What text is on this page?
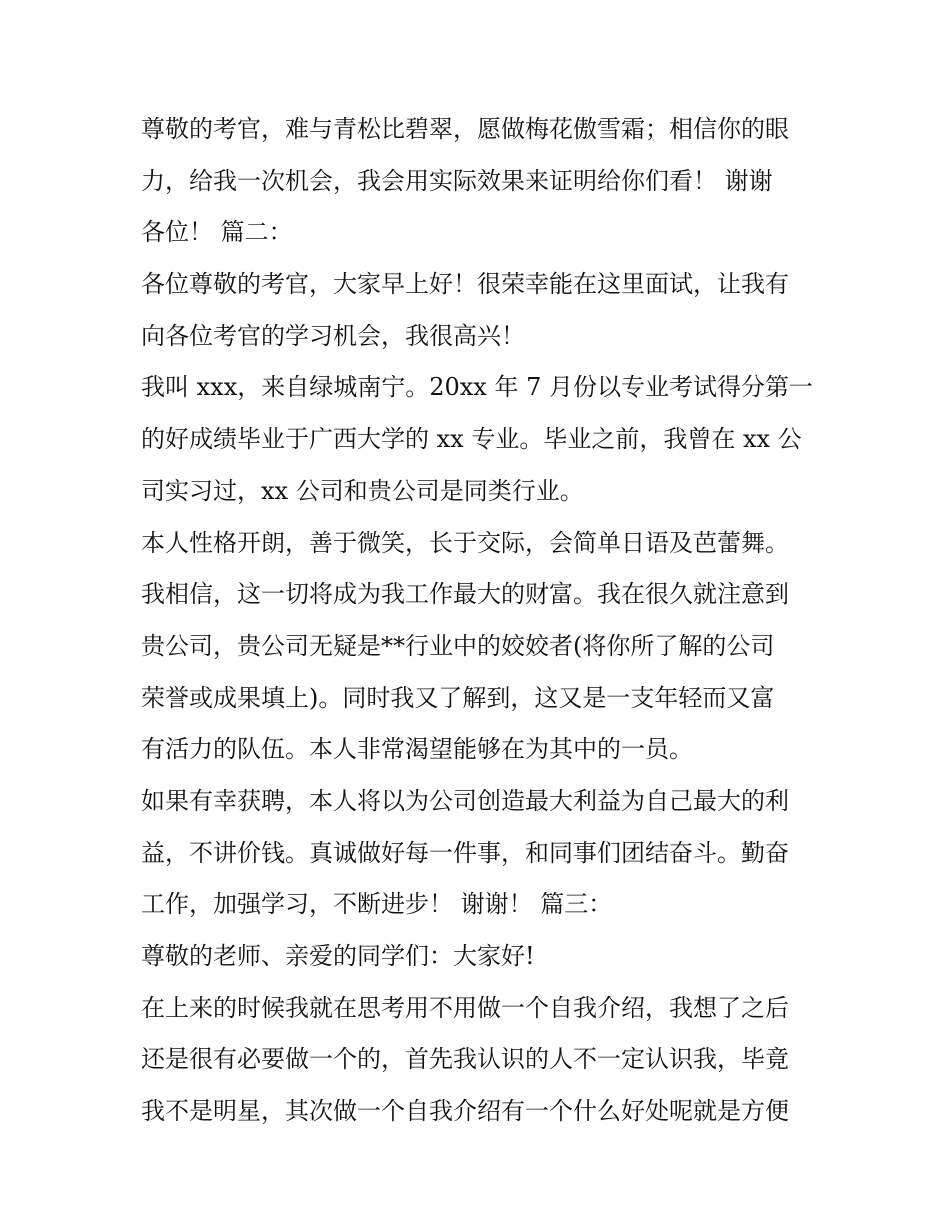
尊敬的考官，难与青松比碧翠，愿做梅花傲雪霜；相信你的眼
力，给我一次机会，我会用实际效果来证明给你们看！ 谢谢
各位！ 篇二：
各位尊敬的考官，大家早上好！很荣幸能在这里面试，让我有
向各位考官的学习机会，我很高兴！
我叫 xxx，来自绿城南宁。20xx 年 7 月份以专业考试得分第一
的好成绩毕业于广西大学的 xx 专业。毕业之前，我曾在 xx 公
司实习过，xx 公司和贵公司是同类行业。
本人性格开朗，善于微笑，长于交际，会简单日语及芭蕾舞。
我相信，这一切将成为我工作最大的财富。我在很久就注意到
贵公司，贵公司无疑是**行业中的姣姣者(将你所了解的公司
荣誉或成果填上)。同时我又了解到，这又是一支年轻而又富
有活力的队伍。本人非常渴望能够在为其中的一员。
如果有幸获聘，本人将以为公司创造最大利益为自己最大的利
益，不讲价钱。真诚做好每一件事，和同事们团结奋斗。勤奋
工作，加强学习，不断进步！ 谢谢！ 篇三：
尊敬的老师、亲爱的同学们：大家好!
在上来的时候我就在思考用不用做一个自我介绍，我想了之后
还是很有必要做一个的，首先我认识的人不一定认识我，毕竟
我不是明星，其次做一个自我介绍有一个什么好处呢就是方便
